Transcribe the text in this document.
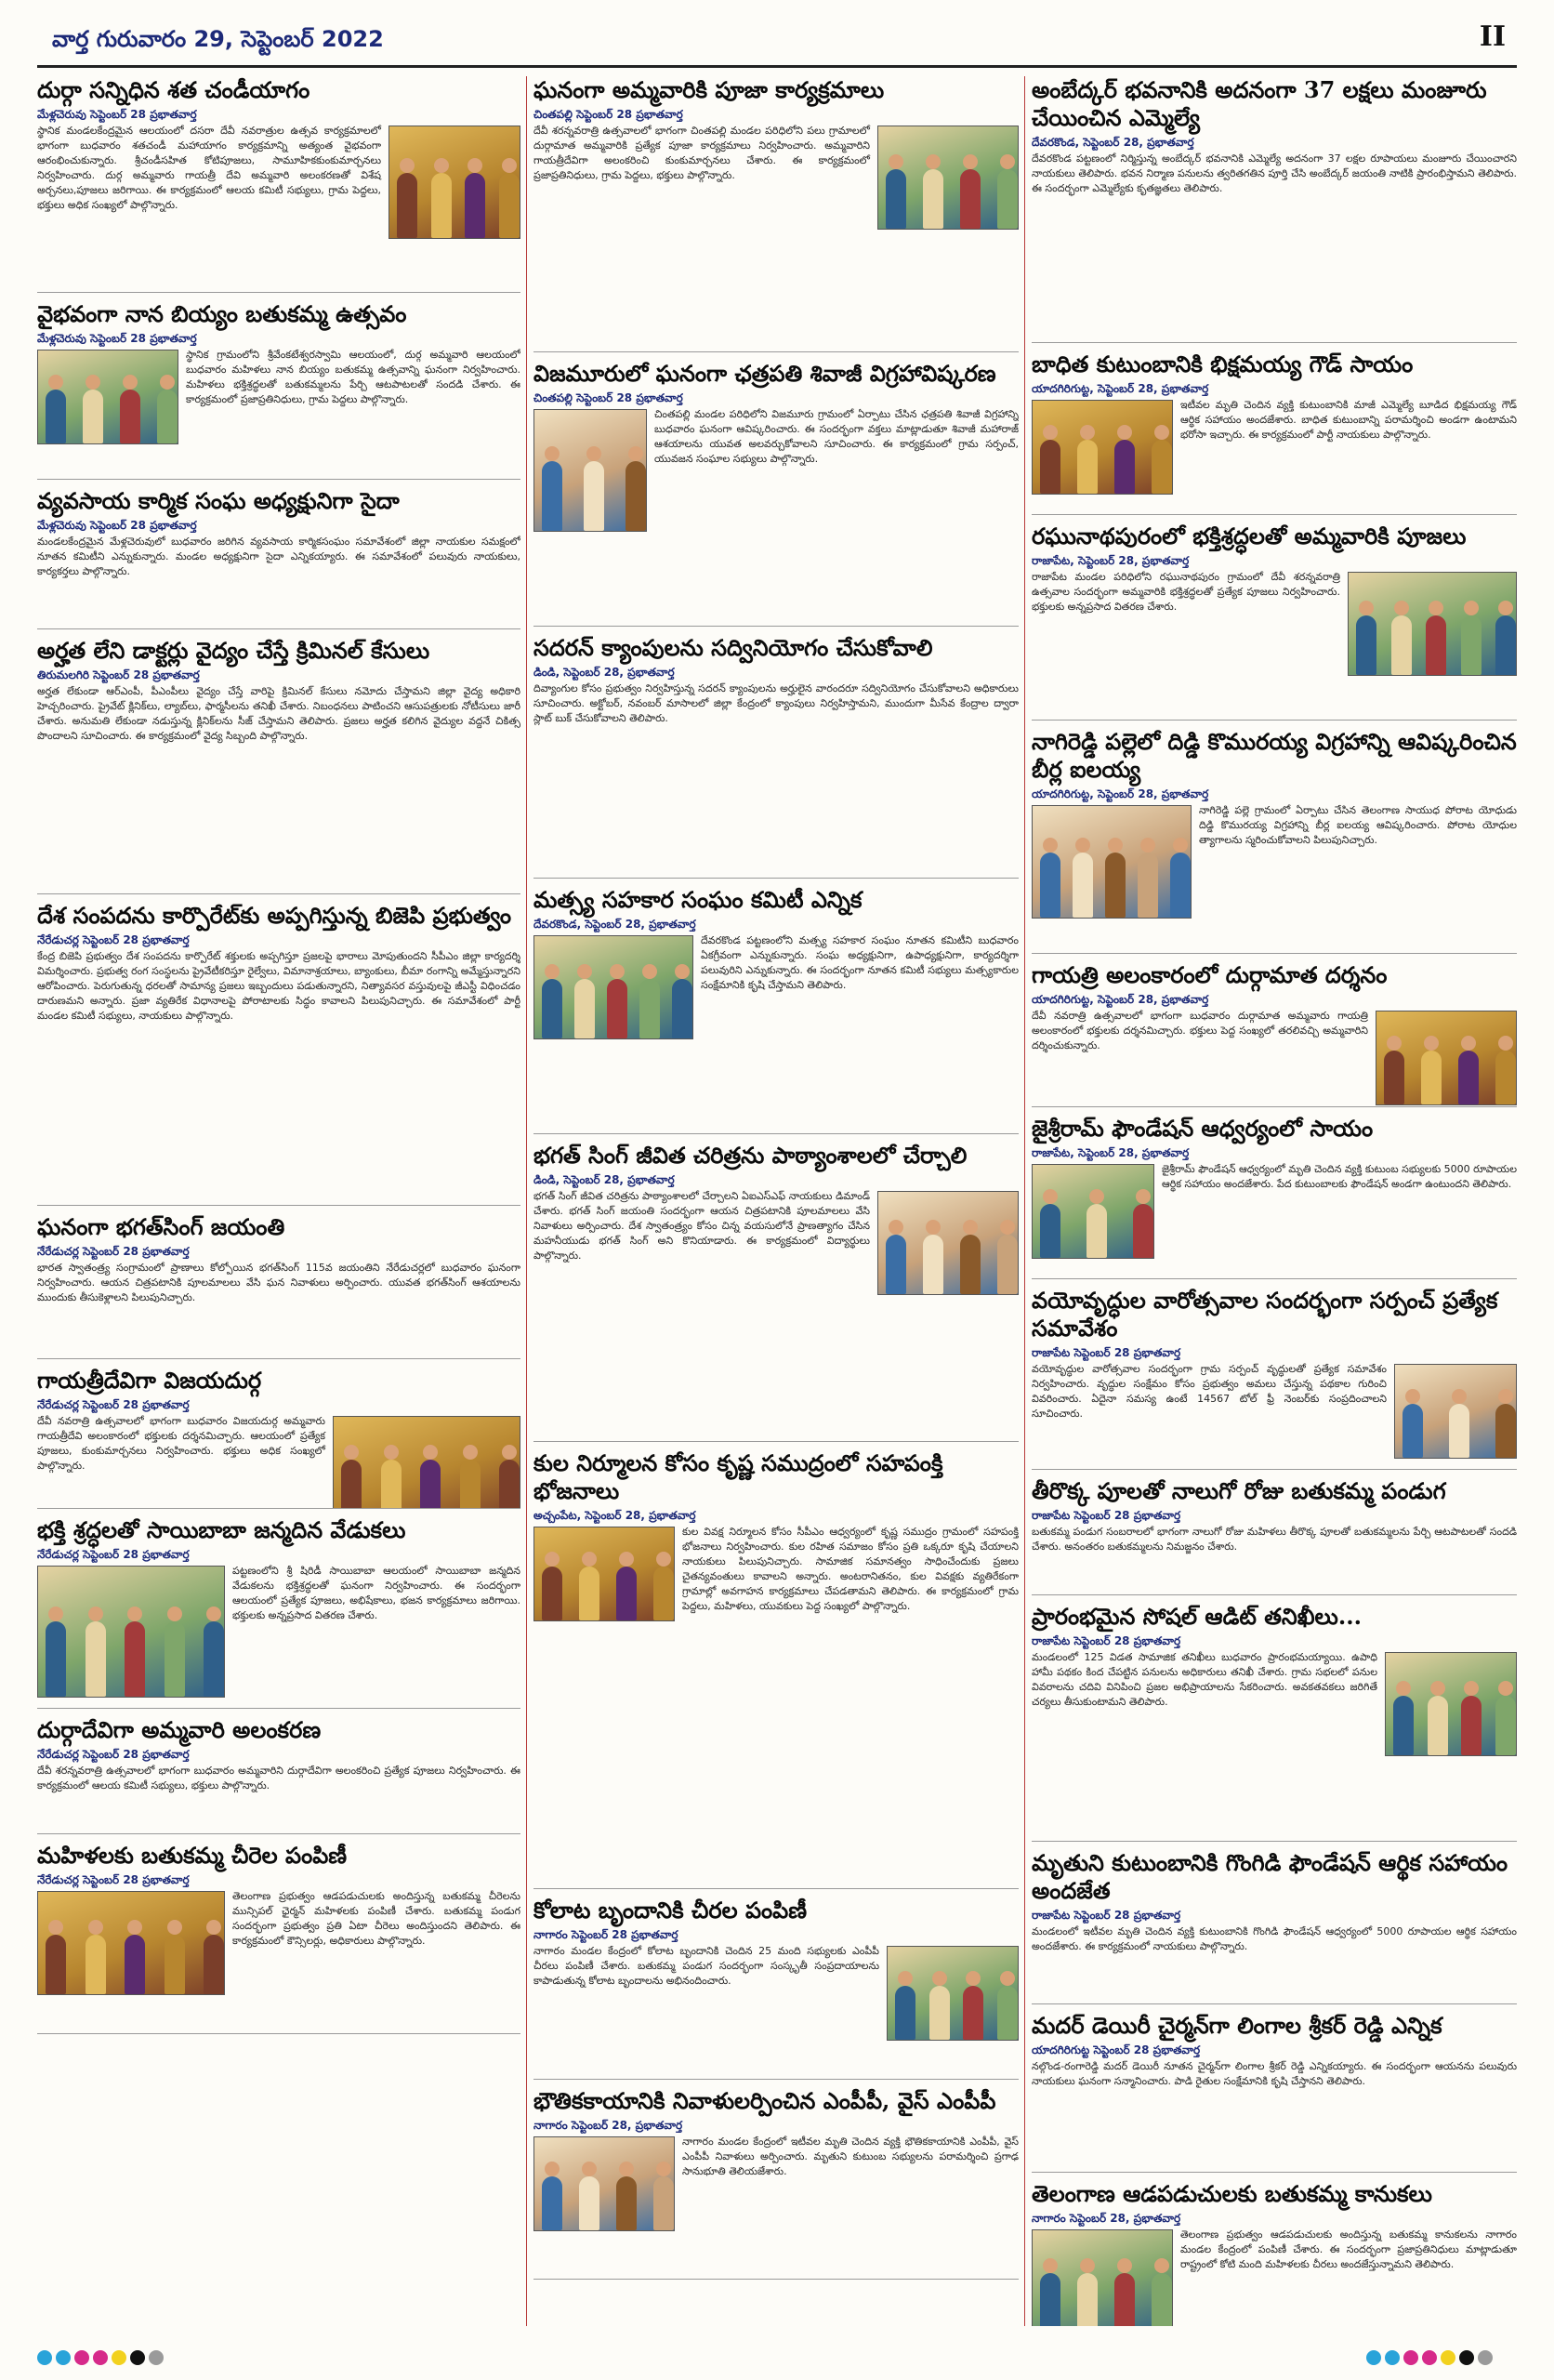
వార్త గురువారం 29, సెప్టెంబర్ 2022	II
దుర్గా సన్నిధిన శత చండీయాగం
మేళ్లచెరువు సెప్టెంబర్ 28 ప్రభాతవార్త

స్థానిక మండలకేంద్రమైన ఆలయంలో దసరా దేవీ నవరాత్రుల ఉత్సవ కార్యక్రమాలలో భాగంగా బుధవారం శతచండీ మహాయాగం కార్యక్రమాన్ని అత్యంత వైభవంగా ఆరంభించుకున్నారు. శ్రీచండీసహిత కోటిపూజలు, సామూహికకుంకుమార్చనలు నిర్వహించారు. దుర్గ అమ్మవారు గాయత్రీ దేవి అమ్మవారి అలంకరణతో విశేష అర్చనలు,పూజలు జరిగాయి. ఈ కార్యక్రమంలో ఆలయ కమిటీ సభ్యులు, గ్రామ పెద్దలు, భక్తులు అధిక సంఖ్యలో పాల్గొన్నారు.

వైభవంగా నాన బియ్యం బతుకమ్మ ఉత్సవం
మేళ్లచెరువు సెప్టెంబర్ 28 ప్రభాతవార్త

స్థానిక గ్రామంలోని శ్రీవేంకటేశ్వరస్వామి ఆలయంలో, దుర్గ అమ్మవారి ఆలయంలో బుధవారం మహిళలు నాన బియ్యం బతుకమ్మ ఉత్సవాన్ని ఘనంగా నిర్వహించారు. మహిళలు భక్తిశ్రద్ధలతో బతుకమ్మలను పేర్చి ఆటపాటలతో సందడి చేశారు. ఈ కార్యక్రమంలో ప్రజాప్రతినిధులు, గ్రామ పెద్దలు పాల్గొన్నారు.

వ్యవసాయ కార్మిక సంఘ అధ్యక్షునిగా సైదా
మేళ్లచెరువు సెప్టెంబర్ 28 ప్రభాతవార్త

మండలకేంద్రమైన మేళ్లచెరువులో బుధవారం జరిగిన వ్యవసాయ కార్మికసంఘం సమావేశంలో జిల్లా నాయకుల సమక్షంలో నూతన కమిటీని ఎన్నుకున్నారు. మండల అధ్యక్షునిగా సైదా ఎన్నికయ్యారు. ఈ సమావేశంలో పలువురు నాయకులు, కార్యకర్తలు పాల్గొన్నారు.

అర్హత లేని డాక్టర్లు వైద్యం చేస్తే క్రిమినల్ కేసులు
తిరుమలగిరి సెప్టెంబర్ 28 ప్రభాతవార్త

అర్హత లేకుండా ఆర్ఎంపీ, పీఎంపీలు వైద్యం చేస్తే వారిపై క్రిమినల్ కేసులు నమోదు చేస్తామని జిల్లా వైద్య అధికారి హెచ్చరించారు. ప్రైవేట్ క్లినిక్‌లు, ల్యాబ్‌లు, ఫార్మసీలను తనిఖీ చేశారు. నిబంధనలు పాటించని ఆసుపత్రులకు నోటీసులు జారీ చేశారు. అనుమతి లేకుండా నడుస్తున్న క్లినిక్‌లను సీజ్ చేస్తామని తెలిపారు. ప్రజలు అర్హత కలిగిన వైద్యుల వద్దనే చికిత్స పొందాలని సూచించారు. ఈ కార్యక్రమంలో వైద్య సిబ్బంది పాల్గొన్నారు.

దేశ సంపదను కార్పొరేట్‌కు అప్పగిస్తున్న బిజెపి ప్రభుత్వం
నేరేడుచర్ల సెప్టెంబర్ 28 ప్రభాతవార్త

కేంద్ర బిజెపి ప్రభుత్వం దేశ సంపదను కార్పొరేట్ శక్తులకు అప్పగిస్తూ ప్రజలపై భారాలు మోపుతుందని సీపీఎం జిల్లా కార్యదర్శి విమర్శించారు. ప్రభుత్వ రంగ సంస్థలను ప్రైవేటీకరిస్తూ రైల్వేలు, విమానాశ్రయాలు, బ్యాంకులు, బీమా రంగాన్ని అమ్మేస్తున్నారని ఆరోపించారు. పెరుగుతున్న ధరలతో సామాన్య ప్రజలు ఇబ్బందులు పడుతున్నారని, నిత్యావసర వస్తువులపై జీఎస్టీ విధించడం దారుణమని అన్నారు. ప్రజా వ్యతిరేక విధానాలపై పోరాటాలకు సిద్ధం కావాలని పిలుపునిచ్చారు. ఈ సమావేశంలో పార్టీ మండల కమిటీ సభ్యులు, నాయకులు పాల్గొన్నారు.

ఘనంగా భగత్‌సింగ్ జయంతి
నేరేడుచర్ల సెప్టెంబర్ 28 ప్రభాతవార్త

భారత స్వాతంత్ర్య సంగ్రామంలో ప్రాణాలు కోల్పోయిన భగత్‌సింగ్ 115వ జయంతిని నేరేడుచర్లలో బుధవారం ఘనంగా నిర్వహించారు. ఆయన చిత్రపటానికి పూలమాలలు వేసి ఘన నివాళులు అర్పించారు. యువత భగత్‌సింగ్ ఆశయాలను ముందుకు తీసుకెళ్లాలని పిలుపునిచ్చారు.

గాయత్రీదేవిగా విజయదుర్గ
నేరేడుచర్ల సెప్టెంబర్ 28 ప్రభాతవార్త

దేవీ నవరాత్రి ఉత్సవాలలో భాగంగా బుధవారం విజయదుర్గ అమ్మవారు గాయత్రీదేవి అలంకారంలో భక్తులకు దర్శనమిచ్చారు. ఆలయంలో ప్రత్యేక పూజలు, కుంకుమార్చనలు నిర్వహించారు. భక్తులు అధిక సంఖ్యలో పాల్గొన్నారు.

భక్తి శ్రద్ధలతో సాయిబాబా జన్మదిన వేడుకలు
నేరేడుచర్ల సెప్టెంబర్ 28 ప్రభాతవార్త

పట్టణంలోని శ్రీ షిరిడీ సాయిబాబా ఆలయంలో సాయిబాబా జన్మదిన వేడుకలను భక్తిశ్రద్ధలతో ఘనంగా నిర్వహించారు. ఈ సందర్భంగా ఆలయంలో ప్రత్యేక పూజలు, అభిషేకాలు, భజన కార్యక్రమాలు జరిగాయి. భక్తులకు అన్నప్రసాద వితరణ చేశారు.

దుర్గాదేవిగా అమ్మవారి అలంకరణ
నేరేడుచర్ల సెప్టెంబర్ 28 ప్రభాతవార్త

దేవీ శరన్నవరాత్రి ఉత్సవాలలో భాగంగా బుధవారం అమ్మవారిని దుర్గాదేవిగా అలంకరించి ప్రత్యేక పూజలు నిర్వహించారు. ఈ కార్యక్రమంలో ఆలయ కమిటీ సభ్యులు, భక్తులు పాల్గొన్నారు.

మహిళలకు బతుకమ్మ చీరెల పంపిణీ
నేరేడుచర్ల సెప్టెంబర్ 28 ప్రభాతవార్త

తెలంగాణ ప్రభుత్వం ఆడపడుచులకు అందిస్తున్న బతుకమ్మ చీరెలను మున్సిపల్ ఛైర్మన్ మహిళలకు పంపిణీ చేశారు. బతుకమ్మ పండుగ సందర్భంగా ప్రభుత్వం ప్రతి ఏటా చీరెలు అందిస్తుందని తెలిపారు. ఈ కార్యక్రమంలో కౌన్సిలర్లు, అధికారులు పాల్గొన్నారు.

ఘనంగా అమ్మవారికి పూజా కార్యక్రమాలు
చింతపల్లి సెప్టెంబర్ 28 ప్రభాతవార్త

దేవీ శరన్నవరాత్రి ఉత్సవాలలో భాగంగా చింతపల్లి మండల పరిధిలోని పలు గ్రామాలలో దుర్గామాత అమ్మవారికి ప్రత్యేక పూజా కార్యక్రమాలు నిర్వహించారు. అమ్మవారిని గాయత్రీదేవిగా అలంకరించి కుంకుమార్చనలు చేశారు. ఈ కార్యక్రమంలో ప్రజాప్రతినిధులు, గ్రామ పెద్దలు, భక్తులు పాల్గొన్నారు.

విజమూరులో ఘనంగా ఛత్రపతి శివాజీ విగ్రహావిష్కరణ
చింతపల్లి సెప్టెంబర్ 28 ప్రభాతవార్త

చింతపల్లి మండల పరిధిలోని విజమూరు గ్రామంలో ఏర్పాటు చేసిన ఛత్రపతి శివాజీ విగ్రహాన్ని బుధవారం ఘనంగా ఆవిష్కరించారు. ఈ సందర్భంగా వక్తలు మాట్లాడుతూ శివాజీ మహారాజ్ ఆశయాలను యువత అలవర్చుకోవాలని సూచించారు. ఈ కార్యక్రమంలో గ్రామ సర్పంచ్, యువజన సంఘాల సభ్యులు పాల్గొన్నారు.

సదరన్ క్యాంపులను సద్వినియోగం చేసుకోవాలి
డిండి, సెప్టెంబర్ 28, ప్రభాతవార్త

దివ్యాంగుల కోసం ప్రభుత్వం నిర్వహిస్తున్న సదరన్ క్యాంపులను అర్హులైన వారందరూ సద్వినియోగం చేసుకోవాలని అధికారులు సూచించారు. అక్టోబర్, నవంబర్ మాసాలలో జిల్లా కేంద్రంలో క్యాంపులు నిర్వహిస్తామని, ముందుగా మీసేవ కేంద్రాల ద్వారా స్లాట్ బుక్ చేసుకోవాలని తెలిపారు.

మత్స్య సహకార సంఘం కమిటీ ఎన్నిక
దేవరకొండ, సెప్టెంబర్ 28, ప్రభాతవార్త

దేవరకొండ పట్టణంలోని మత్స్య సహకార సంఘం నూతన కమిటీని బుధవారం ఏకగ్రీవంగా ఎన్నుకున్నారు. సంఘ అధ్యక్షునిగా, ఉపాధ్యక్షునిగా, కార్యదర్శిగా పలువురిని ఎన్నుకున్నారు. ఈ సందర్భంగా నూతన కమిటీ సభ్యులు మత్స్యకారుల సంక్షేమానికి కృషి చేస్తామని తెలిపారు.

భగత్ సింగ్ జీవిత చరిత్రను పాఠ్యాంశాలలో చేర్చాలి
డిండి, సెప్టెంబర్ 28, ప్రభాతవార్త

భగత్ సింగ్ జీవిత చరిత్రను పాఠ్యాంశాలలో చేర్చాలని ఏఐఎస్ఎఫ్ నాయకులు డిమాండ్ చేశారు. భగత్ సింగ్ జయంతి సందర్భంగా ఆయన చిత్రపటానికి పూలమాలలు వేసి నివాళులు అర్పించారు. దేశ స్వాతంత్ర్యం కోసం చిన్న వయసులోనే ప్రాణత్యాగం చేసిన మహనీయుడు భగత్ సింగ్ అని కొనియాడారు. ఈ కార్యక్రమంలో విద్యార్థులు పాల్గొన్నారు.

కుల నిర్మూలన కోసం కృష్ణ సముద్రంలో సహపంక్తి భోజనాలు
అచ్చంపేట, సెప్టెంబర్ 28, ప్రభాతవార్త

కుల వివక్ష నిర్మూలన కోసం సీపీఎం ఆధ్వర్యంలో కృష్ణ సముద్రం గ్రామంలో సహపంక్తి భోజనాలు నిర్వహించారు. కుల రహిత సమాజం కోసం ప్రతి ఒక్కరూ కృషి చేయాలని నాయకులు పిలుపునిచ్చారు. సామాజిక సమానత్వం సాధించేందుకు ప్రజలు చైతన్యవంతులు కావాలని అన్నారు. అంటరానితనం, కుల వివక్షకు వ్యతిరేకంగా గ్రామాల్లో అవగాహన కార్యక్రమాలు చేపడతామని తెలిపారు. ఈ కార్యక్రమంలో గ్రామ పెద్దలు, మహిళలు, యువకులు పెద్ద సంఖ్యలో పాల్గొన్నారు.

కోలాట బృందానికి చీరల పంపిణీ
నాగారం సెప్టెంబర్ 28 ప్రభాతవార్త

నాగారం మండల కేంద్రంలో కోలాట బృందానికి చెందిన 25 మంది సభ్యులకు ఎంపీపీ చీరలు పంపిణీ చేశారు. బతుకమ్మ పండుగ సందర్భంగా సంస్కృతీ సంప్రదాయాలను కాపాడుతున్న కోలాట బృందాలను అభినందించారు.

భౌతికకాయానికి నివాళులర్పించిన ఎంపీపీ, వైస్ ఎంపీపీ
నాగారం సెప్టెంబర్ 28, ప్రభాతవార్త

నాగారం మండల కేంద్రంలో ఇటీవల మృతి చెందిన వ్యక్తి భౌతికకాయానికి ఎంపీపీ, వైస్ ఎంపీపీ నివాళులు అర్పించారు. మృతుని కుటుంబ సభ్యులను పరామర్శించి ప్రగాఢ సానుభూతి తెలియజేశారు.

అంబేద్కర్ భవనానికి అదనంగా 37 లక్షలు మంజూరు చేయించిన ఎమ్మెల్యే
దేవరకొండ, సెప్టెంబర్ 28, ప్రభాతవార్త

దేవరకొండ పట్టణంలో నిర్మిస్తున్న అంబేద్కర్ భవనానికి ఎమ్మెల్యే అదనంగా 37 లక్షల రూపాయలు మంజూరు చేయించారని నాయకులు తెలిపారు. భవన నిర్మాణ పనులను త్వరితగతిన పూర్తి చేసి అంబేద్కర్ జయంతి నాటికి ప్రారంభిస్తామని తెలిపారు. ఈ సందర్భంగా ఎమ్మెల్యేకు కృతజ్ఞతలు తెలిపారు.

బాధిత కుటుంబానికి భిక్షమయ్య గౌడ్ సాయం
యాదగిరిగుట్ట, సెప్టెంబర్ 28, ప్రభాతవార్త

ఇటీవల మృతి చెందిన వ్యక్తి కుటుంబానికి మాజీ ఎమ్మెల్యే బూడిద భిక్షమయ్య గౌడ్ ఆర్థిక సహాయం అందజేశారు. బాధిత కుటుంబాన్ని పరామర్శించి అండగా ఉంటామని భరోసా ఇచ్చారు. ఈ కార్యక్రమంలో పార్టీ నాయకులు పాల్గొన్నారు.

రఘునాథపురంలో భక్తిశ్రద్ధలతో అమ్మవారికి పూజలు
రాజాపేట, సెప్టెంబర్ 28, ప్రభాతవార్త

రాజాపేట మండల పరిధిలోని రఘునాథపురం గ్రామంలో దేవీ శరన్నవరాత్రి ఉత్సవాల సందర్భంగా అమ్మవారికి భక్తిశ్రద్ధలతో ప్రత్యేక పూజలు నిర్వహించారు. భక్తులకు అన్నప్రసాద వితరణ చేశారు.

నాగిరెడ్డి పల్లెలో దిడ్డి కొమురయ్య విగ్రహాన్ని ఆవిష్కరించిన బీర్ల ఐలయ్య
యాదగిరిగుట్ట, సెప్టెంబర్ 28, ప్రభాతవార్త

నాగిరెడ్డి పల్లె గ్రామంలో ఏర్పాటు చేసిన తెలంగాణ సాయుధ పోరాట యోధుడు దిడ్డి కొమురయ్య విగ్రహాన్ని బీర్ల ఐలయ్య ఆవిష్కరించారు. పోరాట యోధుల త్యాగాలను స్మరించుకోవాలని పిలుపునిచ్చారు.

గాయత్రి అలంకారంలో దుర్గామాత దర్శనం
యాదగిరిగుట్ట, సెప్టెంబర్ 28, ప్రభాతవార్త

దేవీ నవరాత్రి ఉత్సవాలలో భాగంగా బుధవారం దుర్గామాత అమ్మవారు గాయత్రి అలంకారంలో భక్తులకు దర్శనమిచ్చారు. భక్తులు పెద్ద సంఖ్యలో తరలివచ్చి అమ్మవారిని దర్శించుకున్నారు.

జైశ్రీరామ్ ఫౌండేషన్ ఆధ్వర్యంలో సాయం
రాజాపేట, సెప్టెంబర్ 28, ప్రభాతవార్త

జైశ్రీరామ్ ఫౌండేషన్ ఆధ్వర్యంలో మృతి చెందిన వ్యక్తి కుటుంబ సభ్యులకు 5000 రూపాయల ఆర్థిక సహాయం అందజేశారు. పేద కుటుంబాలకు ఫౌండేషన్ అండగా ఉంటుందని తెలిపారు.

వయోవృద్ధుల వారోత్సవాల సందర్భంగా సర్పంచ్ ప్రత్యేక సమావేశం
రాజాపేట సెప్టెంబర్ 28 ప్రభాతవార్త

వయోవృద్ధుల వారోత్సవాల సందర్భంగా గ్రామ సర్పంచ్ వృద్ధులతో ప్రత్యేక సమావేశం నిర్వహించారు. వృద్ధుల సంక్షేమం కోసం ప్రభుత్వం అమలు చేస్తున్న పథకాల గురించి వివరించారు. ఏదైనా సమస్య ఉంటే 14567 టోల్ ఫ్రీ నెంబర్‌కు సంప్రదించాలని సూచించారు.

తీరొక్క పూలతో నాలుగో రోజు బతుకమ్మ పండుగ
రాజాపేట సెప్టెంబర్ 28 ప్రభాతవార్త

బతుకమ్మ పండుగ సంబరాలలో భాగంగా నాలుగో రోజు మహిళలు తీరొక్క పూలతో బతుకమ్మలను పేర్చి ఆటపాటలతో సందడి చేశారు. అనంతరం బతుకమ్మలను నిమజ్జనం చేశారు.

ప్రారంభమైన సోషల్ ఆడిట్ తనిఖీలు...
రాజాపేట సెప్టెంబర్ 28 ప్రభాతవార్త

మండలంలో 125 విడత సామాజిక తనిఖీలు బుధవారం ప్రారంభమయ్యాయి. ఉపాధి హామీ పథకం కింద చేపట్టిన పనులను అధికారులు తనిఖీ చేశారు. గ్రామ సభలలో పనుల వివరాలను చదివి వినిపించి ప్రజల అభిప్రాయాలను సేకరించారు. అవకతవకలు జరిగితే చర్యలు తీసుకుంటామని తెలిపారు.

మృతుని కుటుంబానికి గొంగిడి ఫౌండేషన్ ఆర్థిక సహాయం అందజేత
రాజాపేట సెప్టెంబర్ 28 ప్రభాతవార్త

మండలంలో ఇటీవల మృతి చెందిన వ్యక్తి కుటుంబానికి గొంగిడి ఫౌండేషన్ ఆధ్వర్యంలో 5000 రూపాయల ఆర్థిక సహాయం అందజేశారు. ఈ కార్యక్రమంలో నాయకులు పాల్గొన్నారు.

మదర్ డెయిరీ చైర్మన్‌గా లింగాల శ్రీకర్ రెడ్డి ఎన్నిక
యాదగిరిగుట్ట సెప్టెంబర్ 28 ప్రభాతవార్త

నల్గొండ-రంగారెడ్డి మదర్ డెయిరీ నూతన చైర్మన్‌గా లింగాల శ్రీకర్ రెడ్డి ఎన్నికయ్యారు. ఈ సందర్భంగా ఆయనను పలువురు నాయకులు ఘనంగా సన్మానించారు. పాడి రైతుల సంక్షేమానికి కృషి చేస్తానని తెలిపారు.

తెలంగాణ ఆడపడుచులకు బతుకమ్మ కానుకలు
నాగారం సెప్టెంబర్ 28, ప్రభాతవార్త

తెలంగాణ ప్రభుత్వం ఆడపడుచులకు అందిస్తున్న బతుకమ్మ కానుకలను నాగారం మండల కేంద్రంలో పంపిణీ చేశారు. ఈ సందర్భంగా ప్రజాప్రతినిధులు మాట్లాడుతూ రాష్ట్రంలో కోటి మంది మహిళలకు చీరలు అందజేస్తున్నామని తెలిపారు.
